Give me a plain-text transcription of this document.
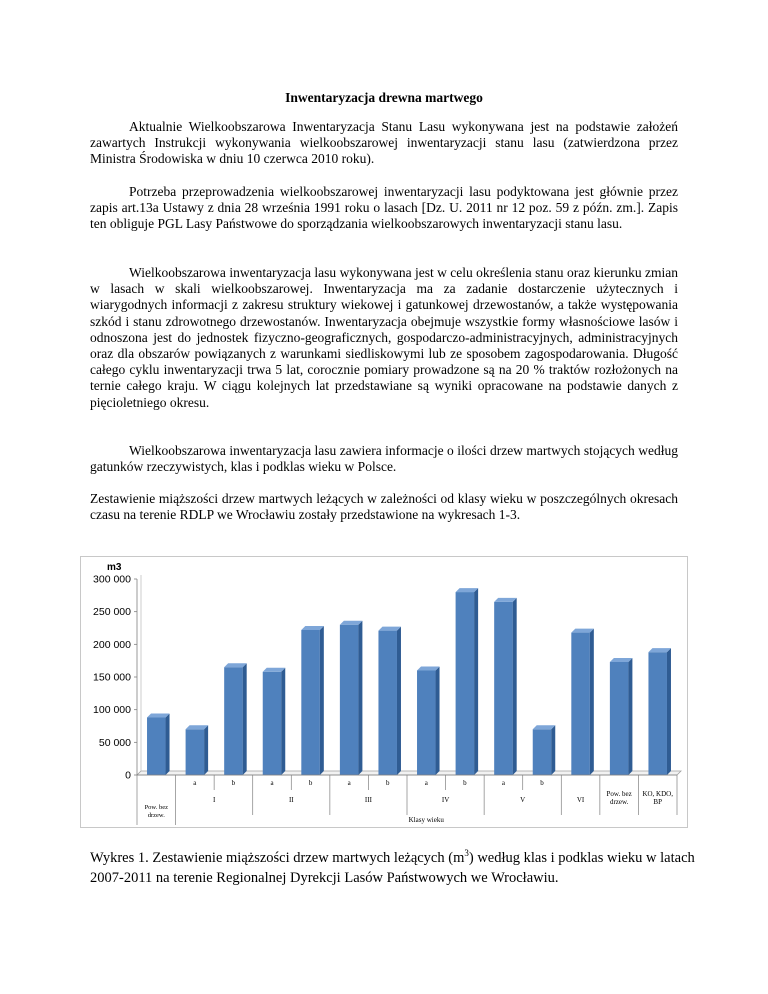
Inwentaryzacja drewna martwego
Aktualnie Wielkoobszarowa Inwentaryzacja Stanu Lasu wykonywana jest na podstawie założeń zawartych Instrukcji wykonywania wielkoobszarowej inwentaryzacji stanu lasu (zatwierdzona przez Ministra Środowiska w dniu 10 czerwca 2010 roku).
Potrzeba przeprowadzenia wielkoobszarowej inwentaryzacji lasu podyktowana jest głównie przez zapis art.13a Ustawy z dnia 28 września 1991 roku o lasach [Dz. U. 2011 nr 12 poz. 59 z późn. zm.]. Zapis ten obliguje PGL Lasy Państwowe do sporządzania wielkoobszarowych inwentaryzacji stanu lasu.
Wielkoobszarowa inwentaryzacja lasu wykonywana jest w celu określenia stanu oraz kierunku zmian w lasach w skali wielkoobszarowej. Inwentaryzacja ma za zadanie dostarczenie użytecznych i wiarygodnych informacji z zakresu struktury wiekowej i gatunkowej drzewostanów, a także występowania szkód i stanu zdrowotnego drzewostanów. Inwentaryzacja obejmuje wszystkie formy własnościowe lasów i odnoszona jest do jednostek fizyczno-geograficznych, gospodarczo-administracyjnych, administracyjnych oraz dla obszarów powiązanych z warunkami siedliskowymi lub ze sposobem zagospodarowania. Długość całego cyklu inwentaryzacji trwa 5 lat, corocznie pomiary prowadzone są na 20 % traktów rozłożonych na ternie całego kraju. W ciągu kolejnych lat przedstawiane są wyniki opracowane na podstawie danych z pięcioletniego okresu.
Wielkoobszarowa inwentaryzacja lasu zawiera informacje o ilości drzew martwych stojących według gatunków rzeczywistych, klas i podklas wieku w Polsce.
Zestawienie miąższości drzew martwych leżących w zależności od klasy wieku w poszczególnych okresach czasu na terenie RDLP we Wrocławiu zostały przedstawione na wykresach 1-3.
m3
0
50 000
100 000
150 000
200 000
250 000
300 000
a	b	a	b	a	b	a	b	a	b
Pow. bez
drzew.
I	II	III	IV	V	VI
Pow. bez
drzew.
KO, KDO,
BP
Klasy wieku
Wykres 1. Zestawienie miąższości drzew martwych leżących $(m^3)$ według klas i podklas wieku w latach 2007-2011 na terenie Regionalnej Dyrekcji Lasów Państwowych we Wrocławiu.
